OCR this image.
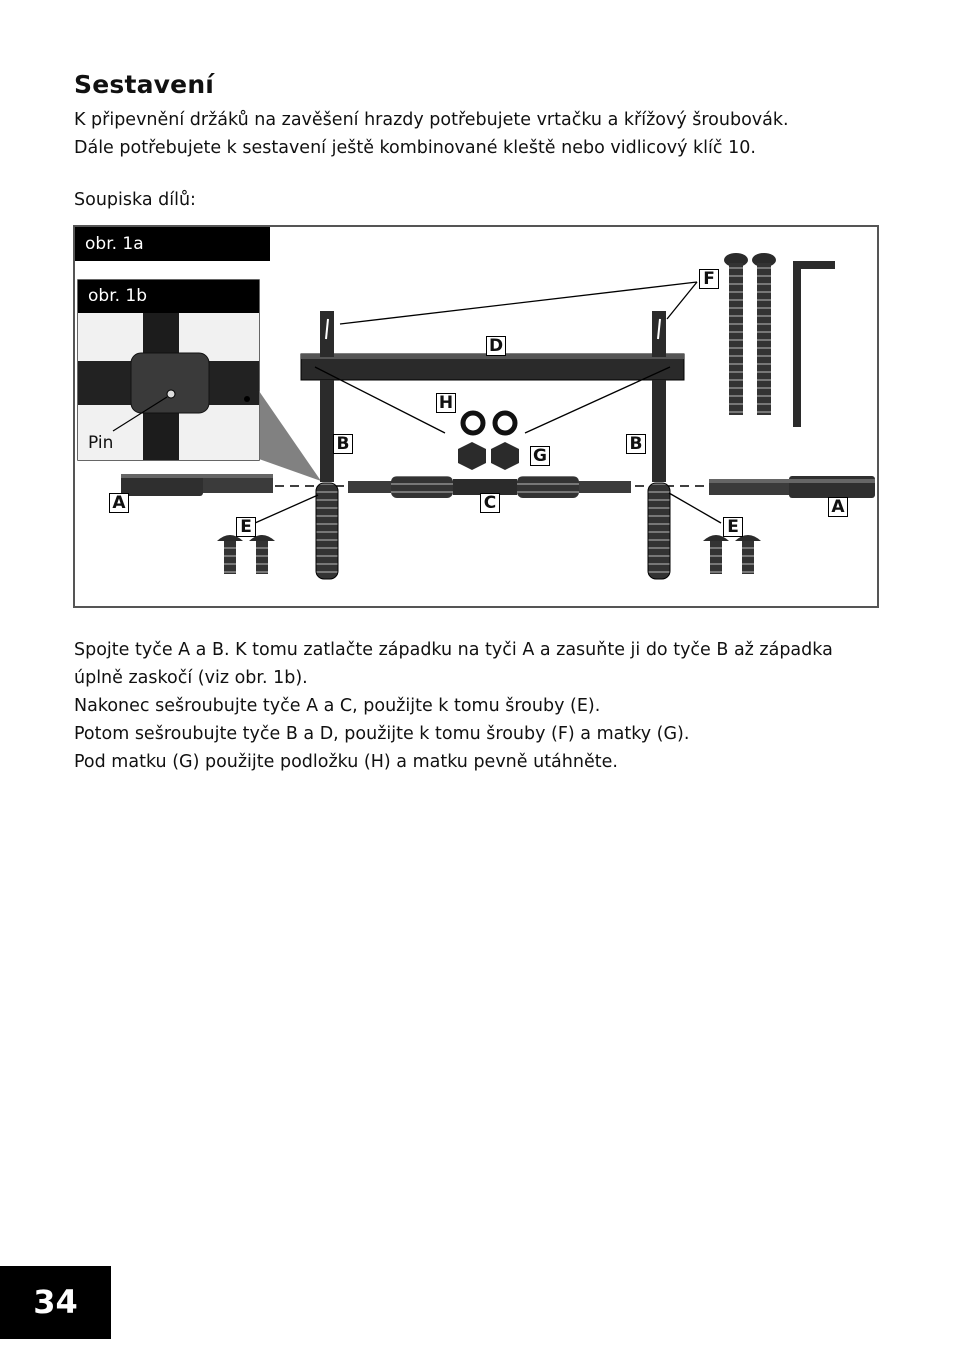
Sestavení
K připevnění držáků na zavěšení hrazdy potřebujete vrtačku a křížový šroubovák.
Dále potřebujete k sestavení ještě kombinované kleště nebo vidlicový klíč 10.

Soupiska dílů:

obr. 1a
obr. 1b
Pin
F
D
H
B	B
G
A	C	A
E	E
Spojte tyče A a B. K tomu zatlačte západku na tyči A a zasuňte ji do tyče B až západka
úplně zaskočí (viz obr. 1b).
Nakonec sešroubujte tyče A a C, použijte k tomu šrouby (E).
Potom sešroubujte tyče B a D, použijte k tomu šrouby (F) a matky (G).
Pod matku (G) použijte podložku (H) a matku pevně utáhněte.
34
